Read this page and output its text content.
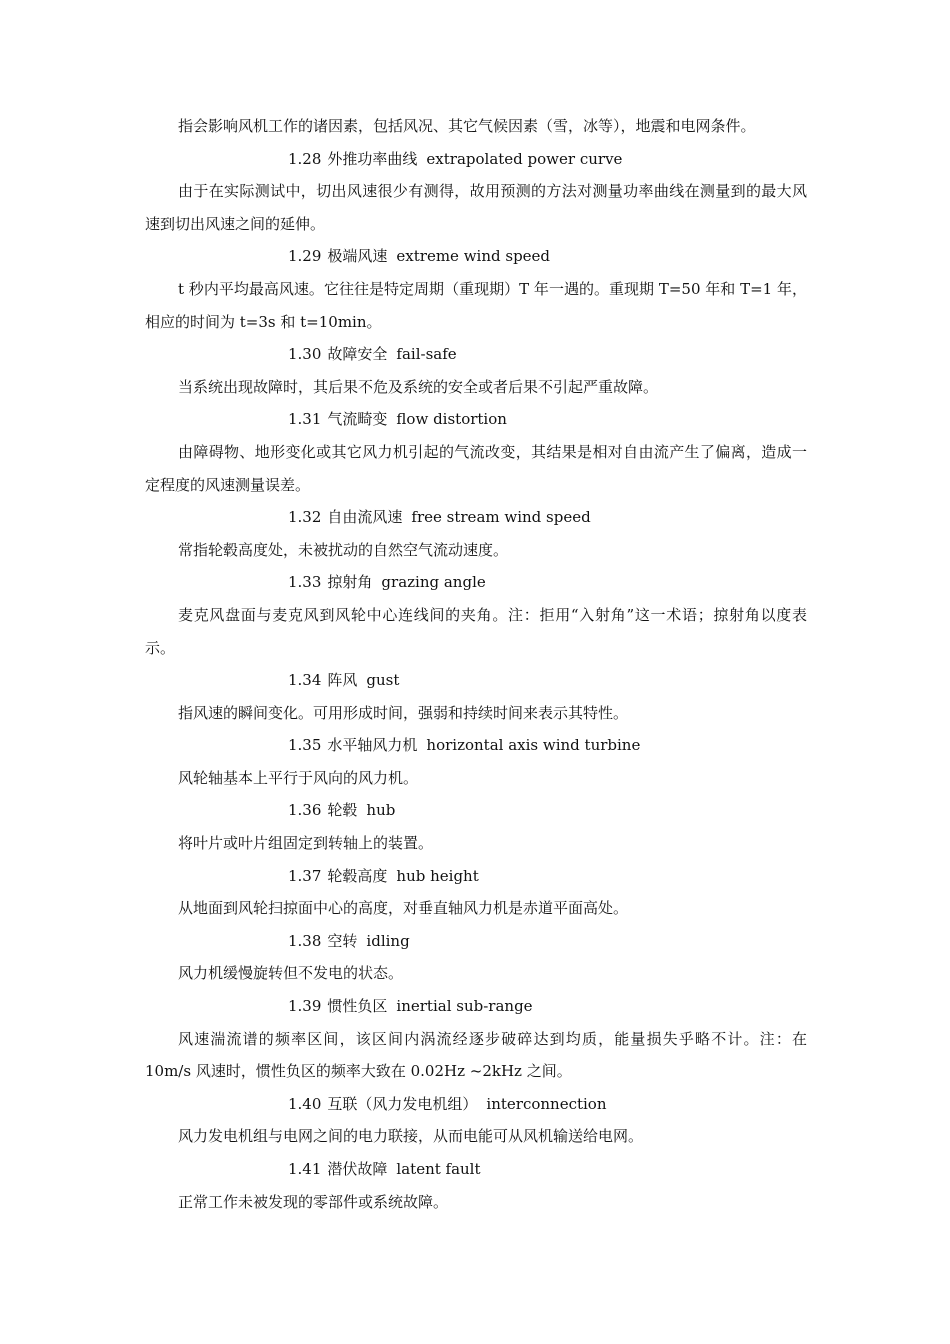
指会影响风机工作的诸因素，包括风况、其它气候因素（雪，冰等），地震和电网条件。

1.28 外推功率曲线 extrapolated power curve

由于在实际测试中，切出风速很少有测得，故用预测的方法对测量功率曲线在测量到的最大风速到切出风速之间的延伸。

1.29 极端风速 extreme wind speed

t 秒内平均最高风速。它往往是特定周期（重现期）T 年一遇的。重现期 T=50 年和 T=1 年，相应的时间为 t=3s 和 t=10min。

1.30 故障安全 fail-safe

当系统出现故障时，其后果不危及系统的安全或者后果不引起严重故障。

1.31 气流畸变 flow distortion

由障碍物、地形变化或其它风力机引起的气流改变，其结果是相对自由流产生了偏离，造成一定程度的风速测量误差。

1.32 自由流风速 free stream wind speed

常指轮毂高度处，未被扰动的自然空气流动速度。

1.33 掠射角 grazing angle

麦克风盘面与麦克风到风轮中心连线间的夹角。注：拒用“入射角”这一术语；掠射角以度表示。

1.34 阵风 gust

指风速的瞬间变化。可用形成时间，强弱和持续时间来表示其特性。

1.35 水平轴风力机 horizontal axis wind turbine

风轮轴基本上平行于风向的风力机。

1.36 轮毂 hub

将叶片或叶片组固定到转轴上的装置。

1.37 轮毂高度 hub height

从地面到风轮扫掠面中心的高度，对垂直轴风力机是赤道平面高处。

1.38 空转 idling

风力机缓慢旋转但不发电的状态。

1.39 惯性负区 inertial sub-range

风速湍流谱的频率区间，该区间内涡流经逐步破碎达到均质，能量损失乎略不计。注：在 10m/s 风速时，惯性负区的频率大致在 0.02Hz ~2kHz 之间。

1.40 互联（风力发电机组） interconnection

风力发电机组与电网之间的电力联接，从而电能可从风机输送给电网。

1.41 潜伏故障 latent fault

正常工作未被发现的零部件或系统故障。
